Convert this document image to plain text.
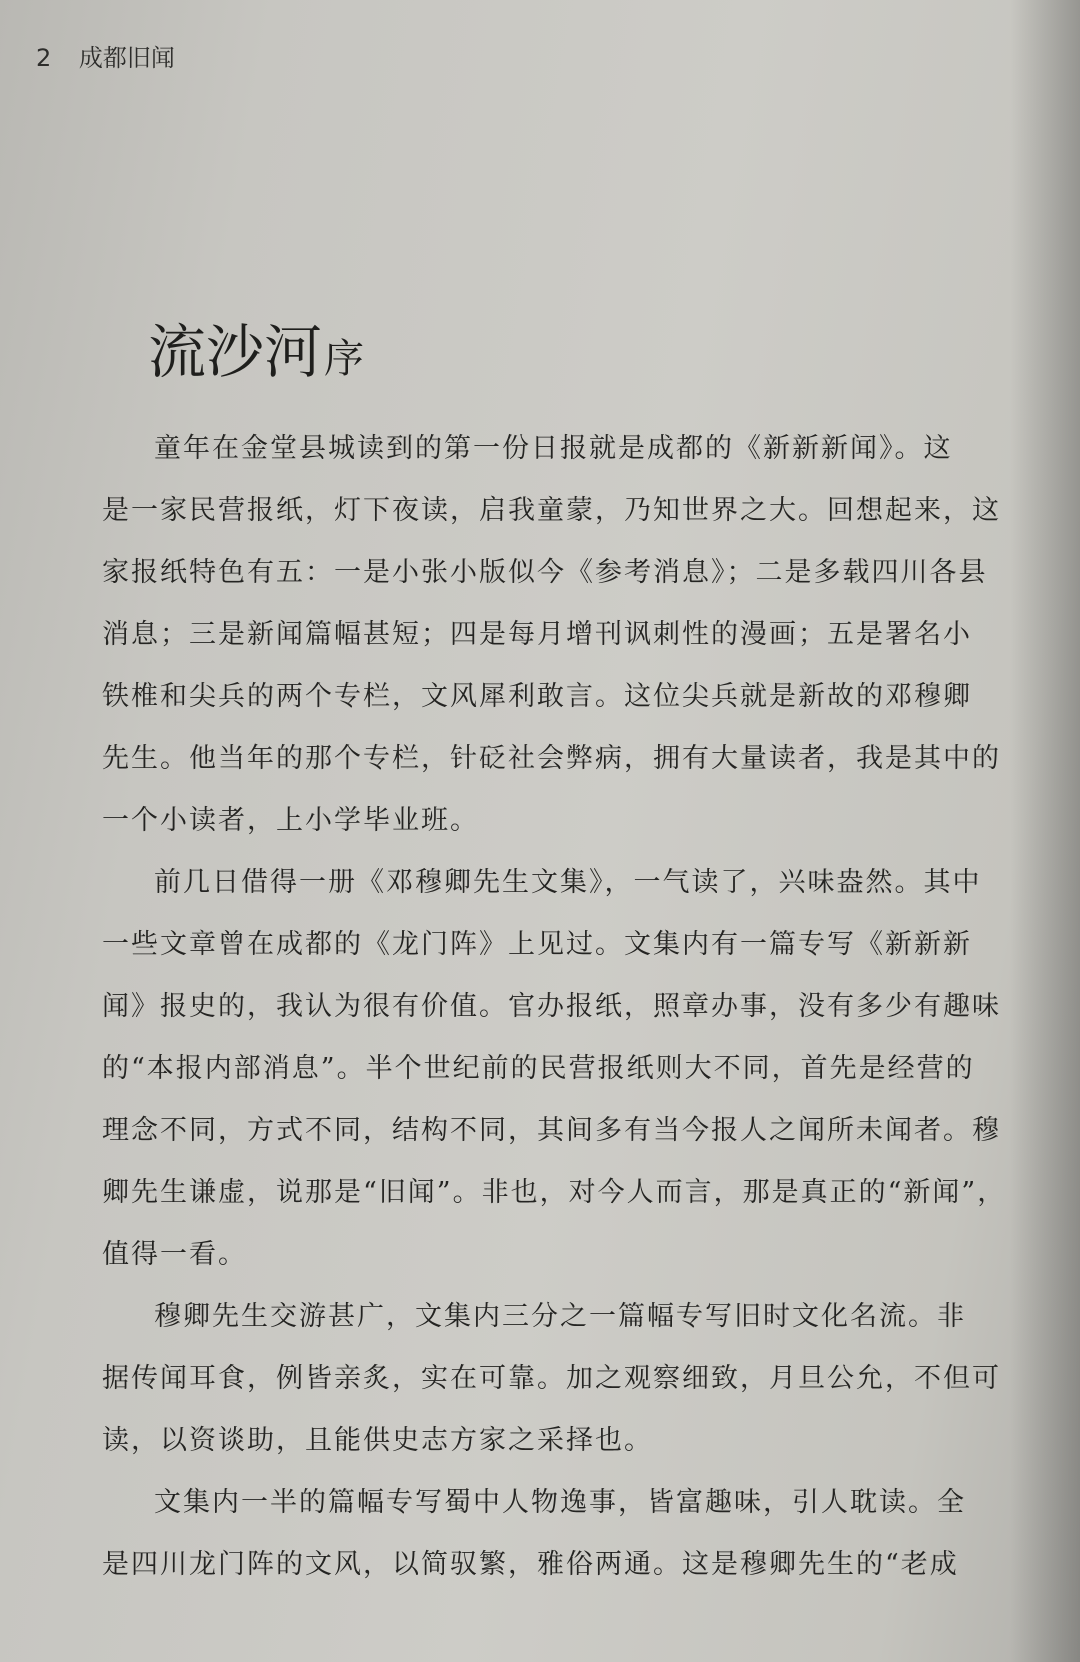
2 成都旧闻
流沙河序
童年在金堂县城读到的第一份日报就是成都的《新新新闻》。这
是一家民营报纸，灯下夜读，启我童蒙，乃知世界之大。回想起来，这
家报纸特色有五：一是小张小版似今《参考消息》；二是多载四川各县
消息；三是新闻篇幅甚短；四是每月增刊讽刺性的漫画；五是署名小
铁椎和尖兵的两个专栏，文风犀利敢言。这位尖兵就是新故的邓穆卿
先生。他当年的那个专栏，针砭社会弊病，拥有大量读者，我是其中的
一个小读者，上小学毕业班。
前几日借得一册《邓穆卿先生文集》，一气读了，兴味盎然。其中
一些文章曾在成都的《龙门阵》上见过。文集内有一篇专写《新新新
闻》报史的，我认为很有价值。官办报纸，照章办事，没有多少有趣味
的“本报内部消息”。半个世纪前的民营报纸则大不同，首先是经营的
理念不同，方式不同，结构不同，其间多有当今报人之闻所未闻者。穆
卿先生谦虚，说那是“旧闻”。非也，对今人而言，那是真正的“新闻”，
值得一看。
穆卿先生交游甚广，文集内三分之一篇幅专写旧时文化名流。非
据传闻耳食，例皆亲炙，实在可靠。加之观察细致，月旦公允，不但可
读，以资谈助，且能供史志方家之采择也。
文集内一半的篇幅专写蜀中人物逸事，皆富趣味，引人耽读。全
是四川龙门阵的文风，以简驭繁，雅俗两通。这是穆卿先生的“老成
